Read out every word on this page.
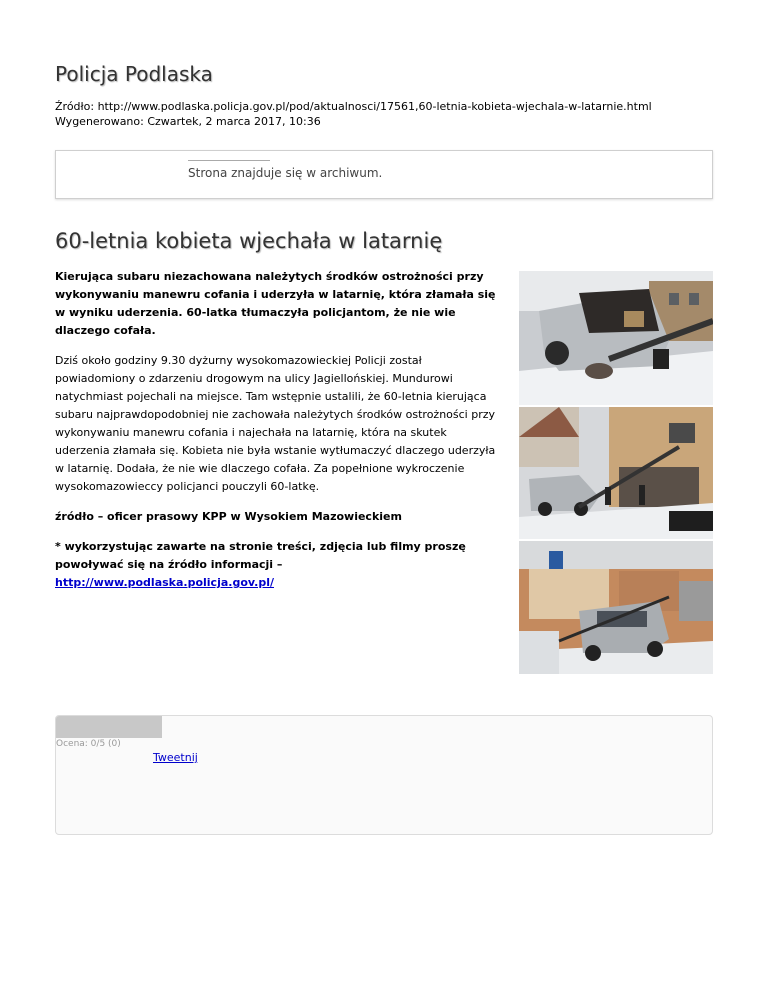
Policja Podlaska
Źródło: http://www.podlaska.policja.gov.pl/pod/aktualnosci/17561,60-letnia-kobieta-wjechala-w-latarnie.html
Wygenerowano: Czwartek, 2 marca 2017, 10:36
Strona znajduje się w archiwum.
60-letnia kobieta wjechała w latarnię

Kierująca subaru niezachowana należytych środków ostrożności przy wykonywaniu manewru cofania i uderzyła w latarnię, która złamała się w wyniku uderzenia. 60-latka tłumaczyła policjantom, że nie wie dlaczego cofała.

Dziś około godziny 9.30 dyżurny wysokomazowieckiej Policji został powiadomiony o zdarzeniu drogowym na ulicy Jagiellońskiej. Mundurowi natychmiast pojechali na miejsce. Tam wstępnie ustalili, że 60-letnia kierująca subaru najprawdopodobniej nie zachowała należytych środków ostrożności przy wykonywaniu manewru cofania i najechała na latarnię, która na skutek uderzenia złamała się. Kobieta nie była wstanie wytłumaczyć dlaczego uderzyła w latarnię. Dodała, że nie wie dlaczego cofała. Za popełnione wykroczenie wysokomazowieccy policjanci pouczyli 60-latkę.

źródło – oficer prasowy KPP w Wysokiem Mazowieckiem

* wykorzystując zawarte na stronie treści, zdjęcia lub filmy proszę powoływać się na źródło informacji – http://www.podlaska.policja.gov.pl/

Ocena: 0/5 (0)
Tweetnij
